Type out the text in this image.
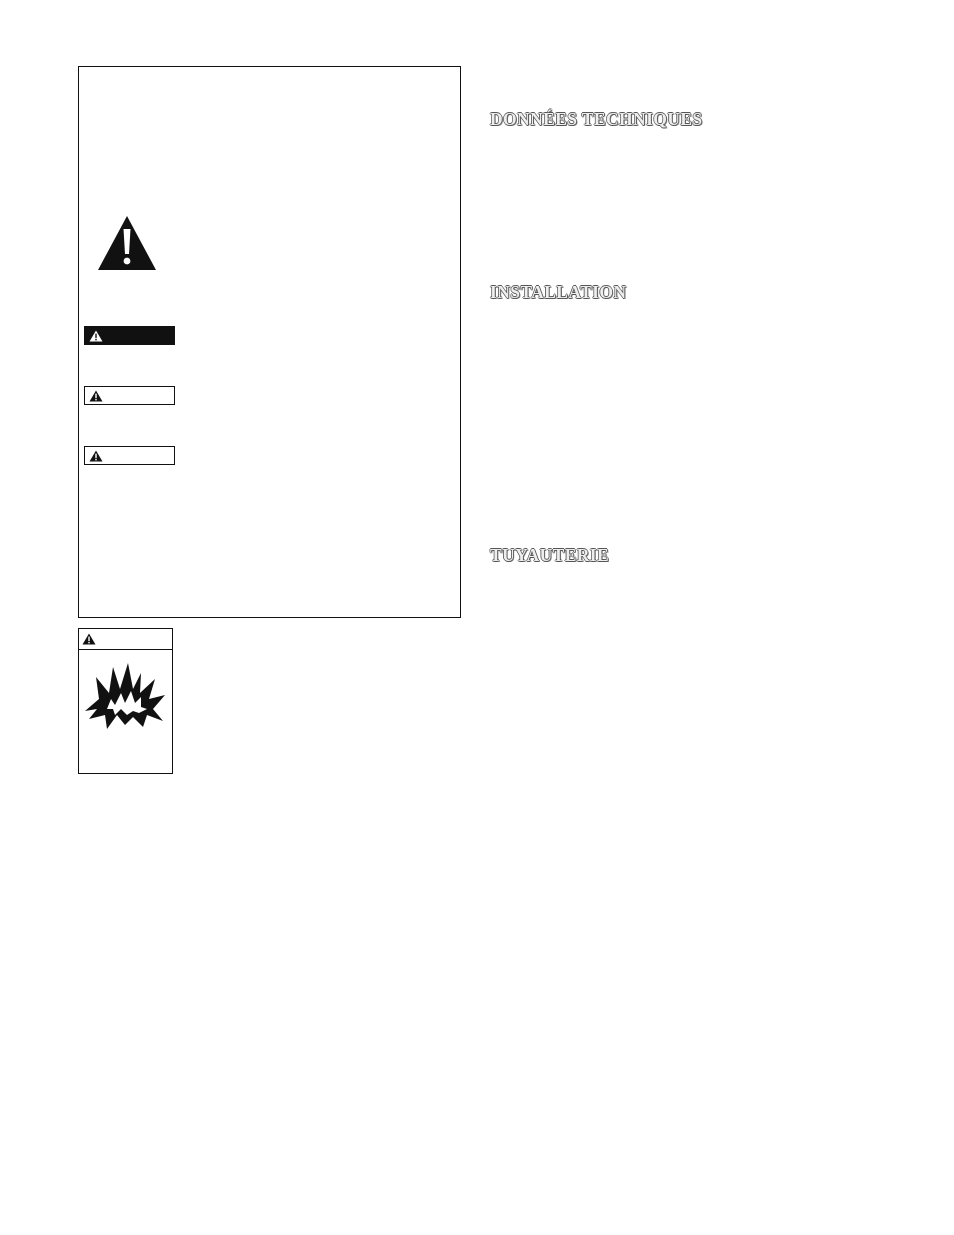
DONNÉES TECHNIQUES
INSTALLATION
TUYAUTERIE
